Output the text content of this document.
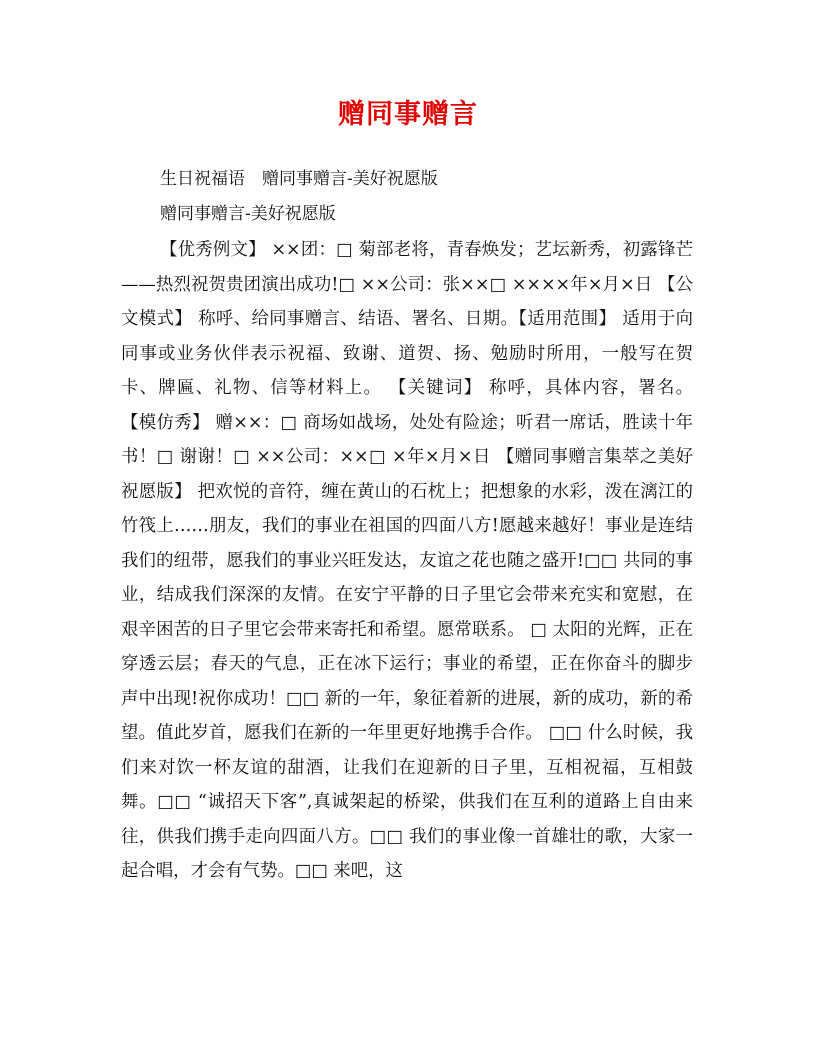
赠同事赠言
生日祝福语　赠同事赠言-美好祝愿版
赠同事赠言-美好祝愿版
【优秀例文】 ××团：□ 菊部老将，青春焕发；艺坛新秀，初露锋芒——热烈祝贺贵团演出成功!□ ××公司：张××□ ××××年×月×日 【公文模式】 称呼、给同事赠言、结语、署名、日期。【适用范围】 适用于向同事或业务伙伴表示祝福、致谢、道贺、扬、勉励时所用，一般写在贺卡、牌匾、礼物、信等材料上。 【关键词】 称呼，具体内容，署名。 【模仿秀】 赠××：□ 商场如战场，处处有险途；听君一席话，胜读十年书！□ 谢谢！□ ××公司：××□ ×年×月×日 【赠同事赠言集萃之美好祝愿版】 把欢悦的音符，缠在黄山的石枕上；把想象的水彩，泼在漓江的竹筏上……朋友，我们的事业在祖国的四面八方!愿越来越好！事业是连结我们的纽带，愿我们的事业兴旺发达，友谊之花也随之盛开!□□ 共同的事业，结成我们深深的友情。在安宁平静的日子里它会带来充实和宽慰，在艰辛困苦的日子里它会带来寄托和希望。愿常联系。 □ 太阳的光辉，正在穿透云层；春天的气息，正在冰下运行；事业的希望，正在你奋斗的脚步声中出现!祝你成功！□□ 新的一年，象征着新的进展，新的成功，新的希望。值此岁首，愿我们在新的一年里更好地携手合作。 □□ 什么时候，我们来对饮一杯友谊的甜酒，让我们在迎新的日子里，互相祝福，互相鼓舞。□□ “诚招天下客”,真诚架起的桥梁，供我们在互利的道路上自由来往，供我们携手走向四面八方。□□ 我们的事业像一首雄壮的歌，大家一起合唱，才会有气势。□□ 来吧，这
